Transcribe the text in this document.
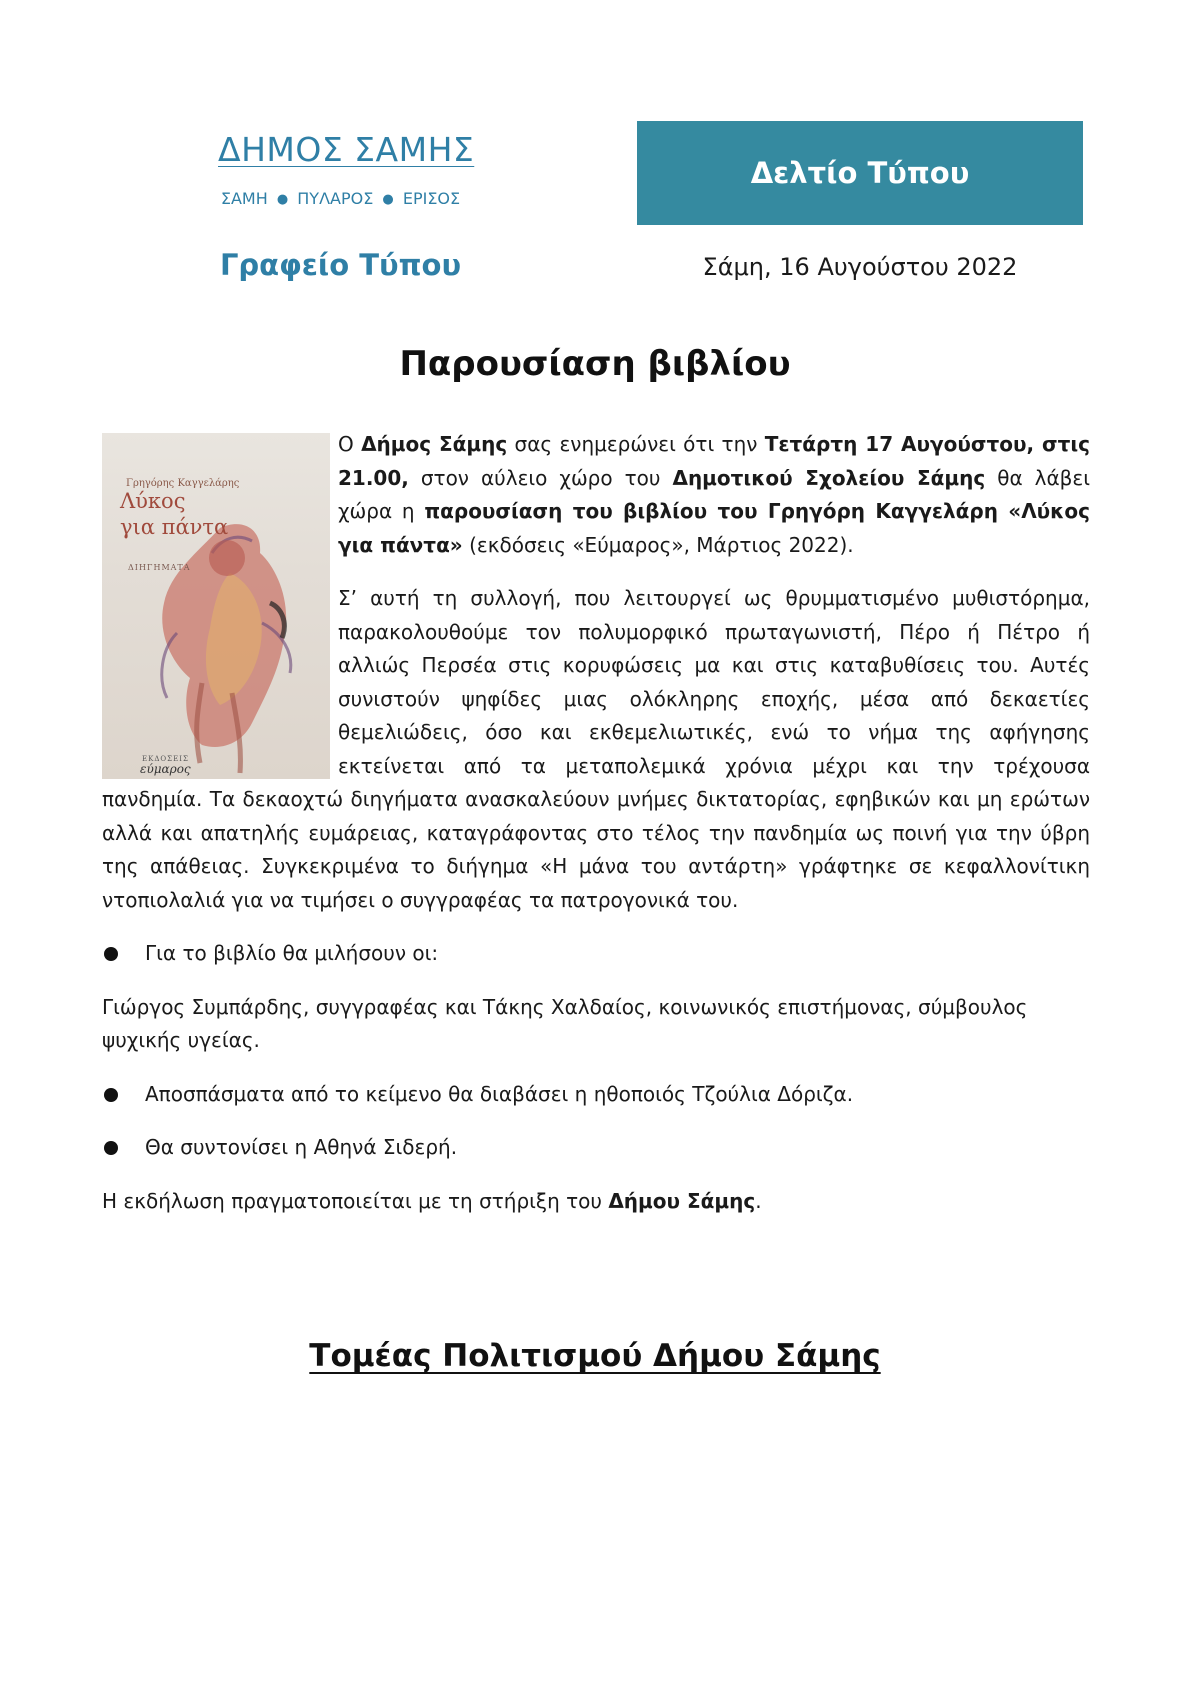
ΔΗΜΟΣ ΣΑΜΗΣ
ΣΑΜΗ ● ΠΥΛΑΡΟΣ ● ΕΡΙΣΟΣ
Γραφείο Τύπου
Δελτίο Τύπου
Σάμη, 16 Αυγούστου 2022
Παρουσίαση βιβλίου
Γρηγόρης Καγγελάρης
Λύκος
για πάντα
ΔΙΗΓΗΜΑΤΑ
ΕΚΔΟΣΕΙΣ
εύμαρος

Ο Δήμος Σάμης σας ενημερώνει ότι την Τετάρτη 17 Αυγούστου, στις 21.00, στον αύλειο χώρο του Δημοτικού Σχολείου Σάμης θα λάβει χώρα η παρουσίαση του βιβλίου του Γρηγόρη Καγγελάρη «Λύκος για πάντα» (εκδόσεις «Εύμαρος», Μάρτιος 2022).

Σ’ αυτή τη συλλογή, που λειτουργεί ως θρυμματισμένο μυθιστόρημα, παρακολουθούμε τον πολυμορφικό πρωταγωνιστή, Πέρο ή Πέτρο ή αλλιώς Περσέα στις κορυφώσεις μα και στις καταβυθίσεις του. Αυτές συνιστούν ψηφίδες μιας ολόκληρης εποχής, μέσα από δεκαετίες θεμελιώδεις, όσο και εκθεμελιωτικές, ενώ το νήμα της αφήγησης εκτείνεται από τα μεταπολεμικά χρόνια μέχρι και την τρέχουσα πανδημία. Τα δεκαοχτώ διηγήματα ανασκαλεύουν μνήμες δικτατορίας, εφηβικών και μη ερώτων αλλά και απατηλής ευμάρειας, καταγράφοντας στο τέλος την πανδημία ως ποινή για την ύβρη της απάθειας. Συγκεκριμένα το διήγημα «Η μάνα του αντάρτη» γράφτηκε σε κεφαλλονίτικη ντοπιολαλιά για να τιμήσει ο συγγραφέας τα πατρογονικά του.

Για το βιβλίο θα μιλήσουν οι:

Γιώργος Συμπάρδης, συγγραφέας και Τάκης Χαλδαίος, κοινωνικός επιστήμονας, σύμβουλος ψυχικής υγείας.

Αποσπάσματα από το κείμενο θα διαβάσει η ηθοποιός Τζούλια Δόριζα.
Θα συντονίσει η Αθηνά Σιδερή.

Η εκδήλωση πραγματοποιείται με τη στήριξη του Δήμου Σάμης.

Τομέας Πολιτισμού Δήμου Σάμης
